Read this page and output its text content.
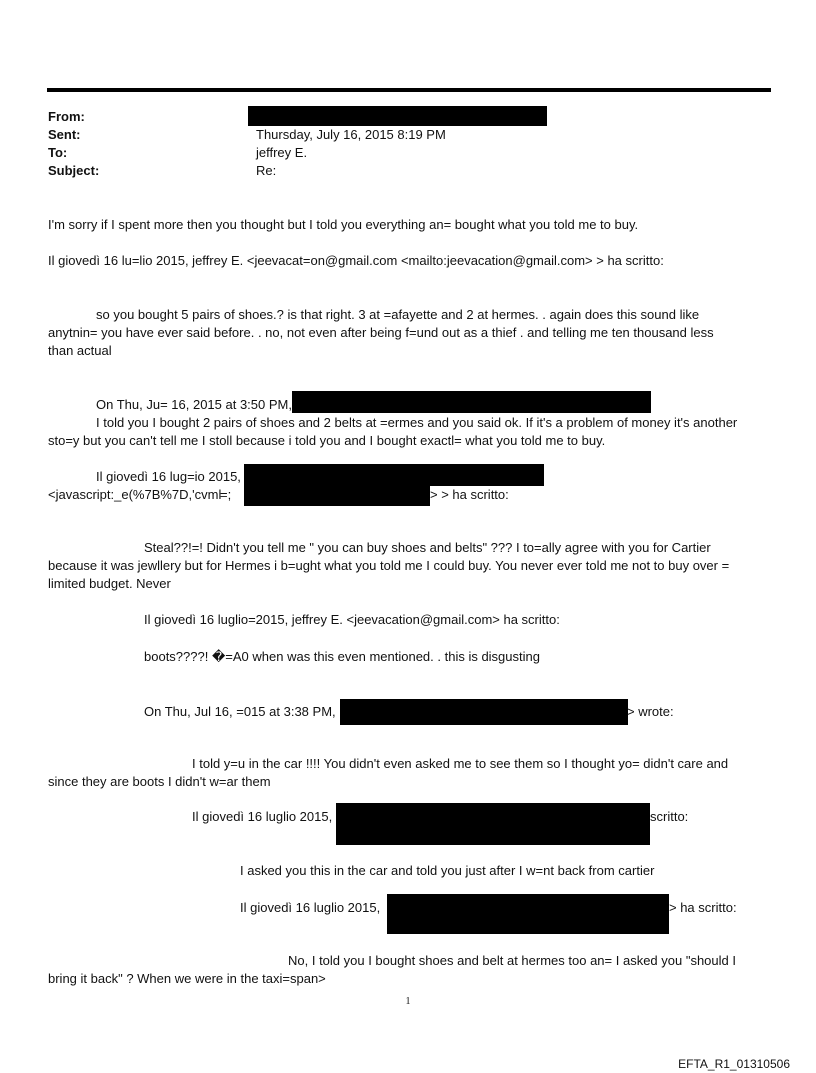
From:
Sent:	Thursday, July 16, 2015 8:19 PM
To:	jeffrey E.
Subject:	Re:
I'm sorry if I spent more then you thought but I told you everything an= bought what you told me to buy.
Il giovedì 16 lu=lio 2015, jeffrey E. <jeevacat=on@gmail.com <mailto:jeevacation@gmail.com> > ha scritto:
so you bought 5 pairs of shoes.? is that right. 3 at =afayette and 2 at hermes. . again does this sound like
anytnin= you have ever said before. . no, not even after being f=und out as a thief . and telling me ten thousand less
than actual
On Thu, Ju= 16, 2015 at 3:50 PM,
I told you I bought 2 pairs of shoes and 2 belts at =ermes and you said ok. If it's a problem of money it's another
sto=y but you can't tell me I stoll because i told you and I bought exactl= what you told me to buy.
Il giovedì 16 lug=io 2015,
<javascript:_e(%7B%7D,'cvml
=;	> > ha scritto:
Steal??!=! Didn't you tell me " you can buy shoes and belts" ??? I to=ally agree with you for Cartier
because it was jewllery but for Hermes i b=ught what you told me I could buy. You never ever told me not to buy over =
limited budget. Never
Il giovedì 16 luglio=2015, jeffrey E. <jeevacation@gmail.com> ha scritto:
boots????! �=A0 when was this even mentioned. . this is disgusting
On Thu, Jul 16, =015 at 3:38 PM,	> wrote:
I told y=u in the car !!!! You didn't even asked me to see them so I thought yo= didn't care and
since they are boots I didn't w=ar them
Il giovedì 16 luglio 2015,	scritto:
I asked you this in the car and told you just after I w=nt back from cartier
Il giovedì 16 luglio 2015,	> ha scritto:
No, I told you I bought shoes and belt at hermes too an= I asked you "should I
bring it back" ? When we were in the taxi=span>
1
EFTA_R1_01310506
